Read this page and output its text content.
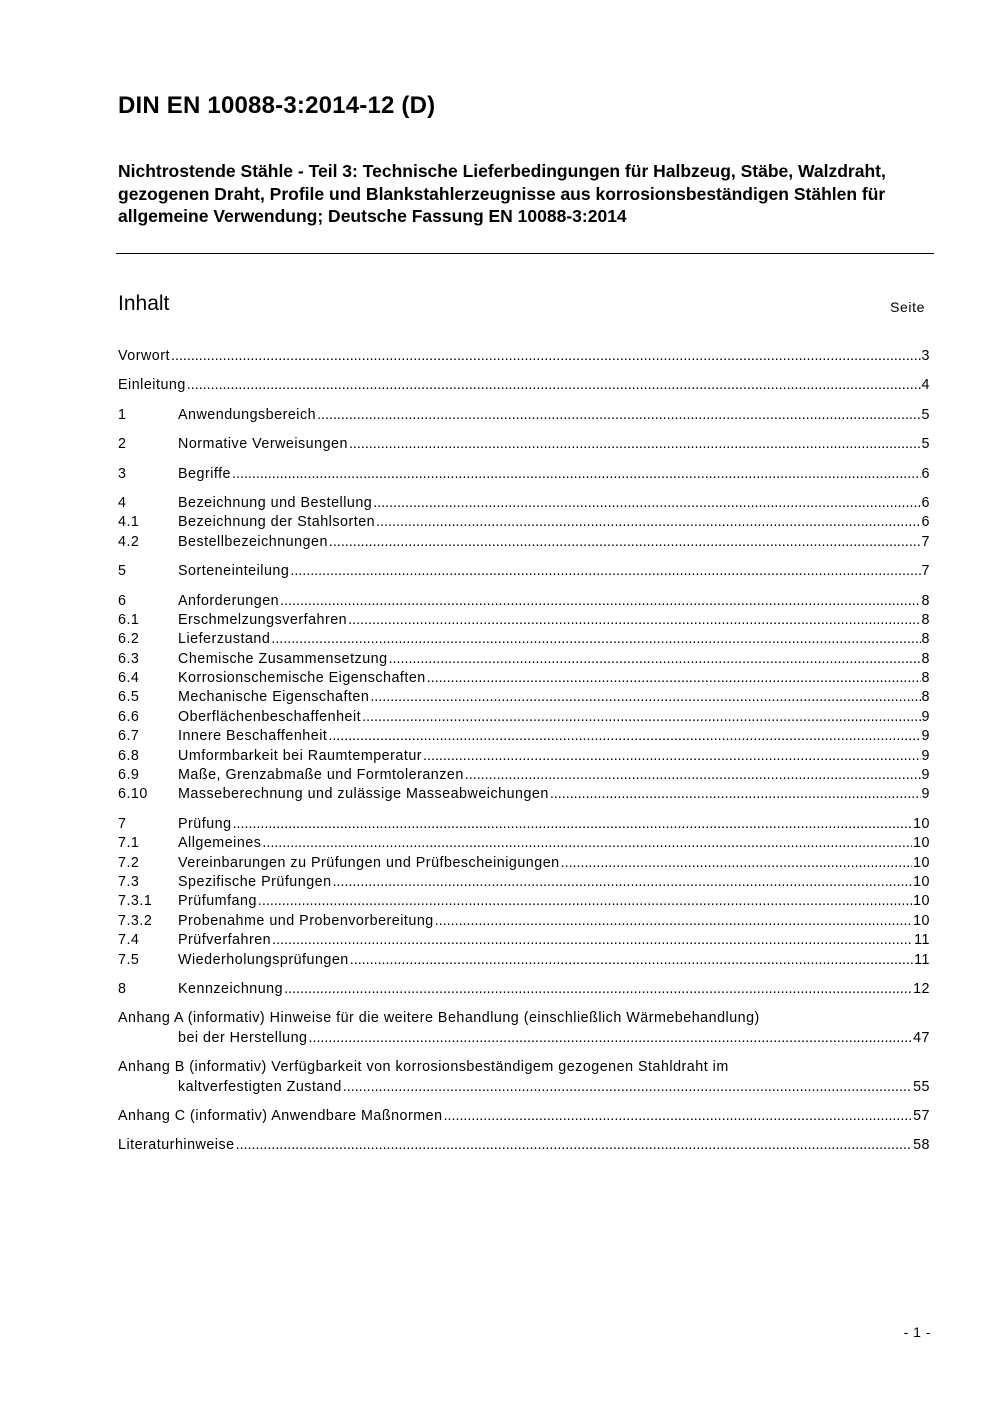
DIN EN 10088-3:2014-12 (D)
Nichtrostende Stähle - Teil 3: Technische Lieferbedingungen für Halbzeug, Stäbe, Walzdraht, gezogenen Draht, Profile und Blankstahlerzeugnisse aus korrosionsbeständigen Stählen für allgemeine Verwendung; Deutsche Fassung EN 10088-3:2014
Inhalt	Seite
Vorwort .....	3
Einleitung .....	4
1	Anwendungsbereich .....	5
2	Normative Verweisungen .....	5
3	Begriffe .....	6
4	Bezeichnung und Bestellung .....	6
4.1	Bezeichnung der Stahlsorten .....	6
4.2	Bestellbezeichnungen .....	7
5	Sorteneinteilung .....	7
6	Anforderungen .....	8
6.1	Erschmelzungsverfahren .....	8
6.2	Lieferzustand .....	8
6.3	Chemische Zusammensetzung .....	8
6.4	Korrosionschemische Eigenschaften .....	8
6.5	Mechanische Eigenschaften .....	8
6.6	Oberflächenbeschaffenheit .....	9
6.7	Innere Beschaffenheit .....	9
6.8	Umformbarkeit bei Raumtemperatur .....	9
6.9	Maße, Grenzabmaße und Formtoleranzen .....	9
6.10	Masseberechnung und zulässige Masseabweichungen .....	9
7	Prüfung .....	10
7.1	Allgemeines .....	10
7.2	Vereinbarungen zu Prüfungen und Prüfbescheinigungen .....	10
7.3	Spezifische Prüfungen .....	10
7.3.1	Prüfumfang .....	10
7.3.2	Probenahme und Probenvorbereitung .....	10
7.4	Prüfverfahren .....	11
7.5	Wiederholungsprüfungen .....	11
8	Kennzeichnung .....	12
Anhang A (informativ) Hinweise für die weitere Behandlung (einschließlich Wärmebehandlung)
bei der Herstellung .....	47
Anhang B (informativ) Verfügbarkeit von korrosionsbeständigem gezogenen Stahldraht im
kaltverfestigten Zustand .....	55
Anhang C (informativ) Anwendbare Maßnormen .....	57
Literaturhinweise .....	58
- 1 -
